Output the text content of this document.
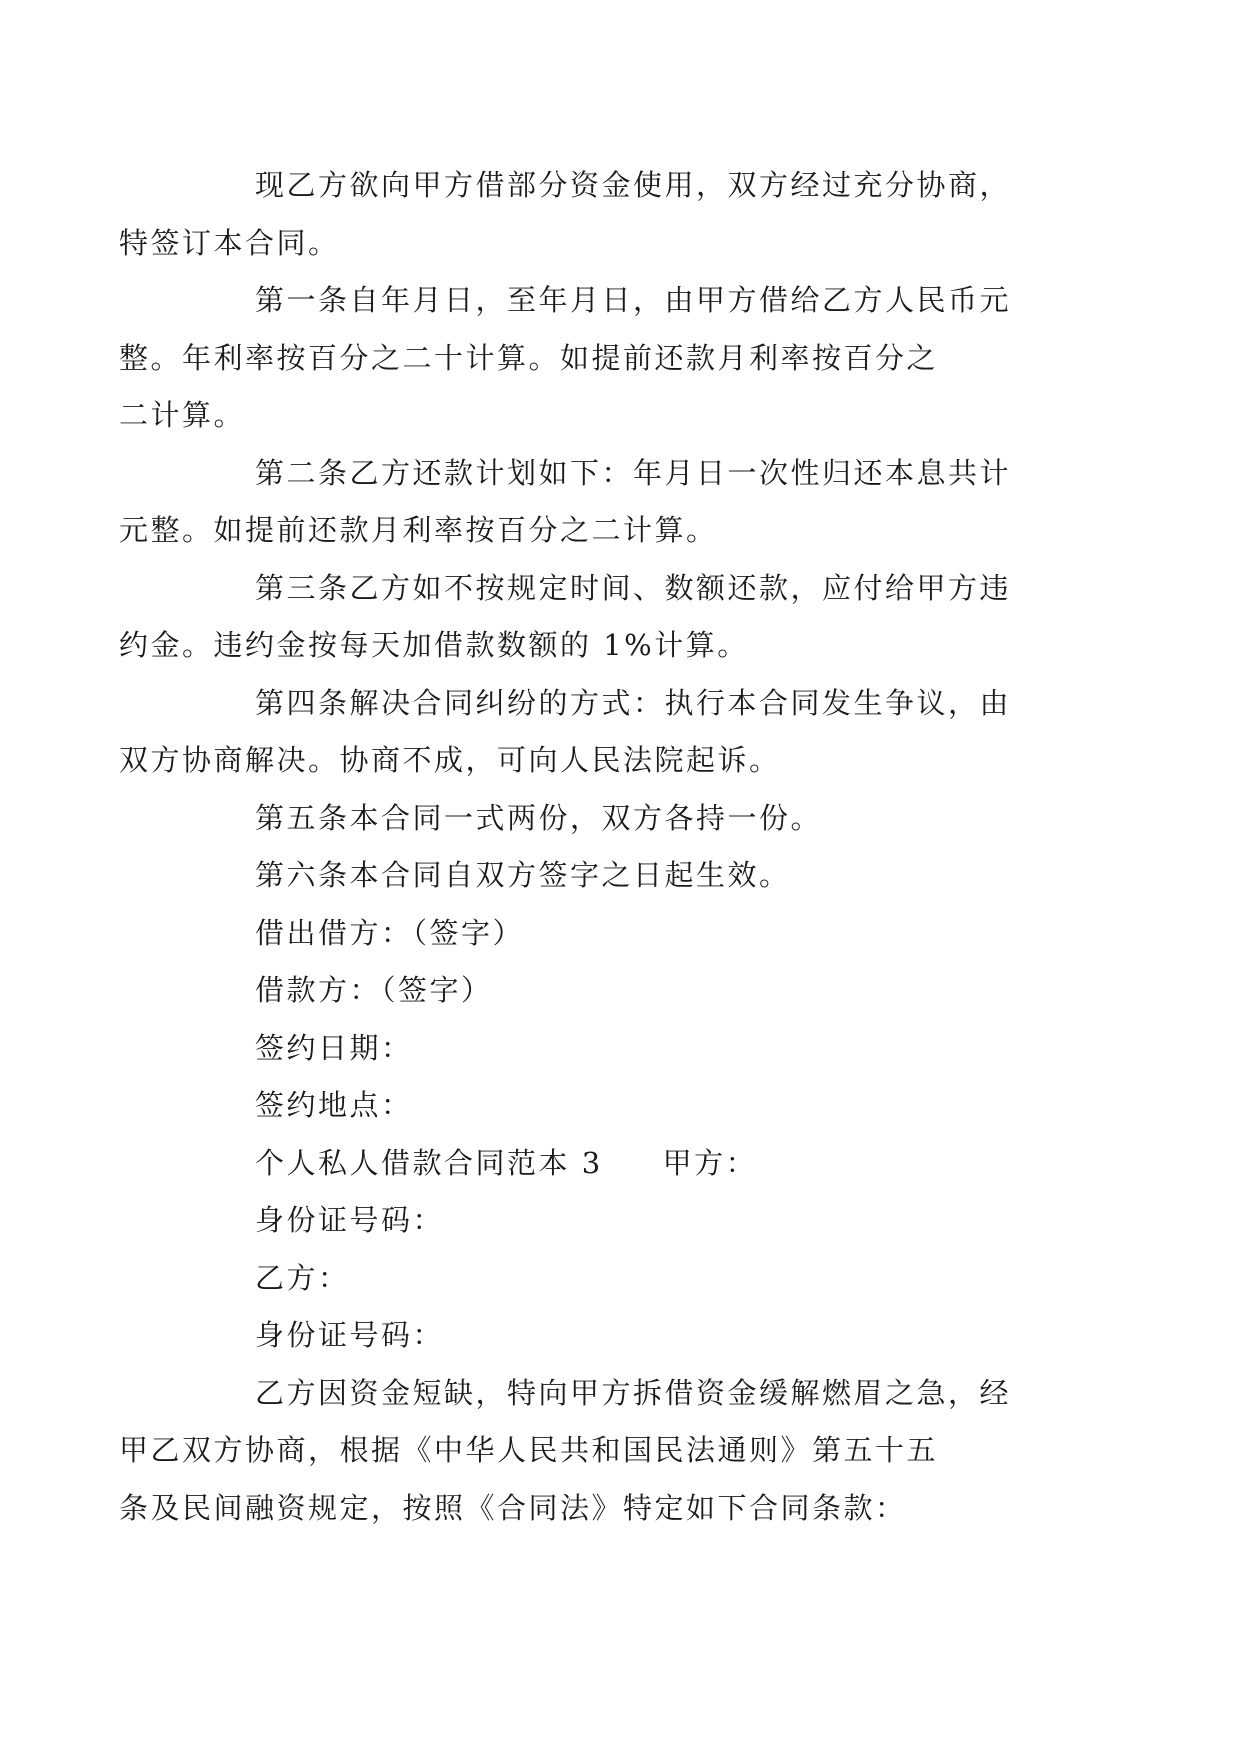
现乙方欲向甲方借部分资金使用，双方经过充分协商，
特签订本合同。

第一条自年月日，至年月日，由甲方借给乙方人民币元
整。年利率按百分之二十计算。如提前还款月利率按百分之
二计算。

第二条乙方还款计划如下：年月日一次性归还本息共计
元整。如提前还款月利率按百分之二计算。

第三条乙方如不按规定时间、数额还款，应付给甲方违
约金。违约金按每天加借款数额的 1%计算。

第四条解决合同纠纷的方式：执行本合同发生争议，由
双方协商解决。协商不成，可向人民法院起诉。

第五条本合同一式两份，双方各持一份。

第六条本合同自双方签字之日起生效。

借出借方：（签字）

借款方：（签字）

签约日期：

签约地点：

个人私人借款合同范本 3 甲方：

身份证号码：

乙方：

身份证号码：

乙方因资金短缺，特向甲方拆借资金缓解燃眉之急，经
甲乙双方协商，根据《中华人民共和国民法通则》第五十五
条及民间融资规定，按照《合同法》特定如下合同条款：
